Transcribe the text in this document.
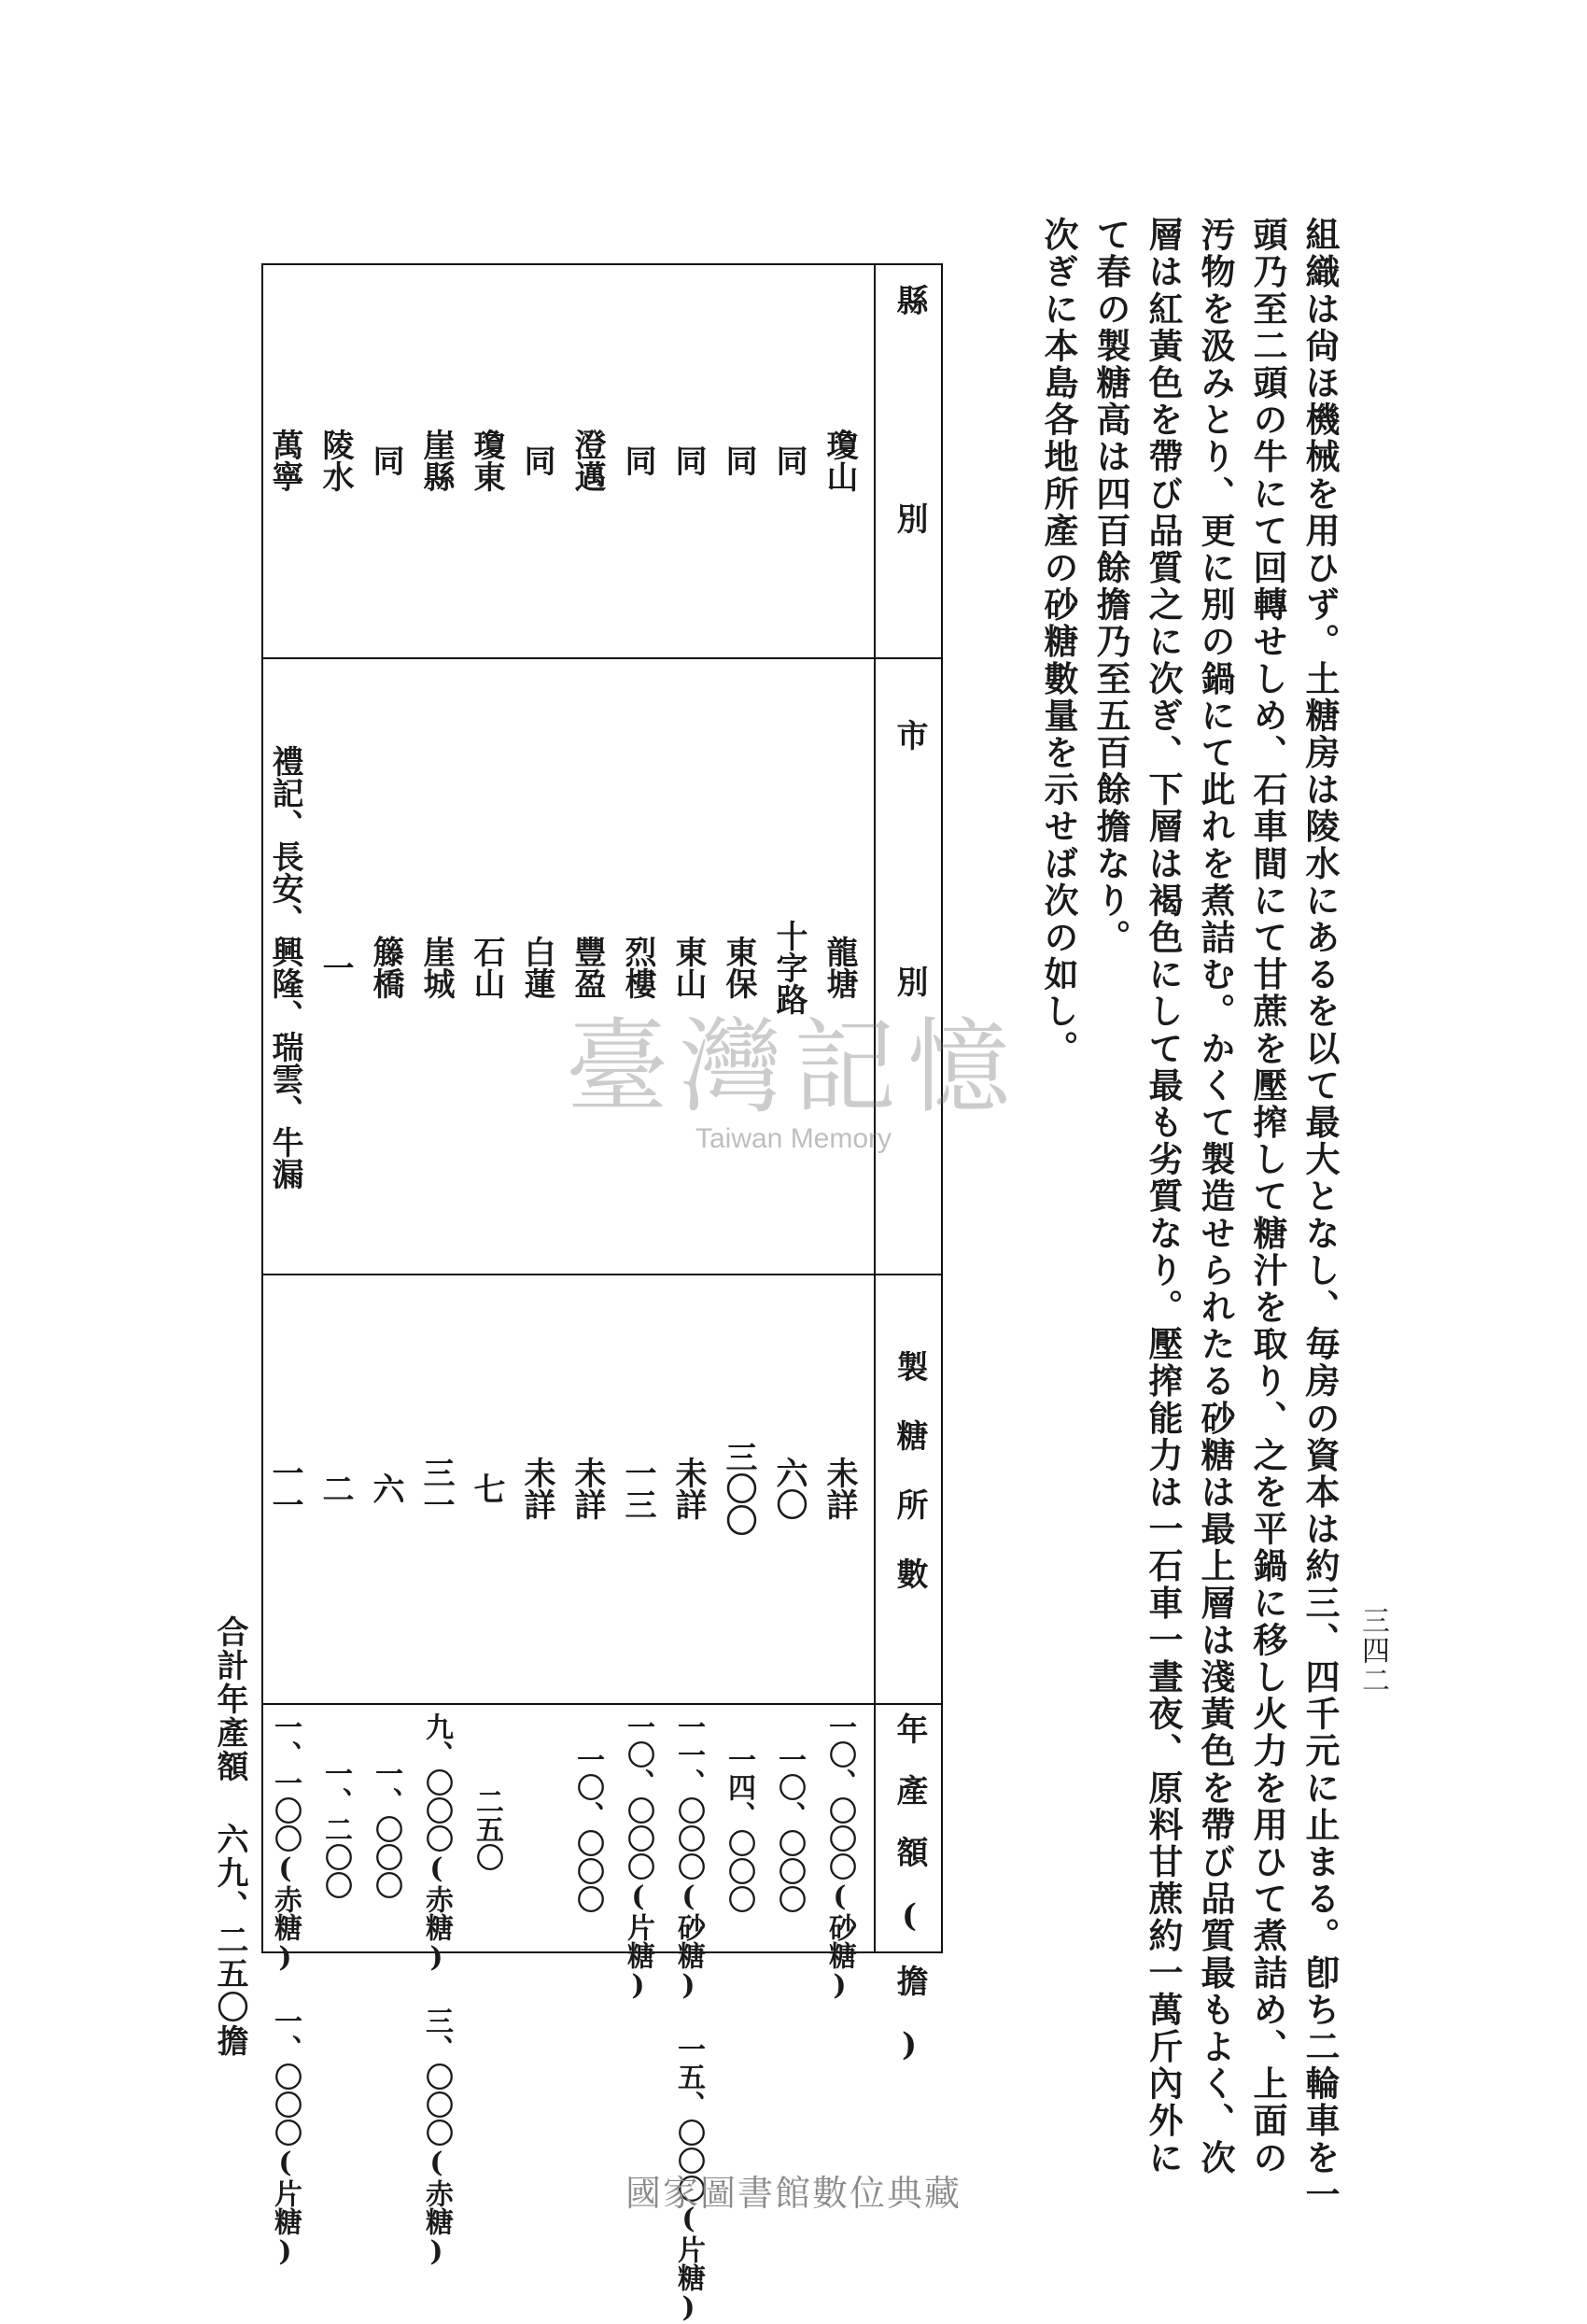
三四二
組織は尙ほ機械を用ひず。土糖房は陵水にあるを以て最大となし、毎房の資本は約三、四千元に止まる。卽ち二輪車を一
頭乃至二頭の牛にて回轉せしめ、石車間にて甘蔗を壓搾して糖汁を取り、之を平鍋に移し火力を用ひて煮詰め、上面の
汚物を汲みとり、更に別の鍋にて此れを煮詰む。かくて製造せられたる砂糖は最上層は淺黃色を帶び品質最もよく、次
層は紅黃色を帶び品質之に次ぎ、下層は褐色にして最も劣質なり。壓搾能力は一石車一晝夜、原料甘蔗約一萬斤內外に
て春の製糖高は四百餘擔乃至五百餘擔なり。
次ぎに本島各地所產の砂糖數量を示せば次の如し。
縣別
市別
製糖所數
年產額(擔)
瓊山
龍塘
未詳
一〇、〇〇〇(砂糖)
同
十字路
六〇
一〇、〇〇〇
同
東保
三〇〇
一四、〇〇〇
同
東山
未詳
一一、〇〇〇(砂糖) 一五、〇〇〇(片糖)
同
烈樓
一三
一〇、〇〇〇(片糖)
澄邁
豐盈
未詳
一〇、〇〇〇
同
白蓮
未詳
瓊東
石山
七
二五〇
崖縣
崖城
三一
九、〇〇〇(赤糖) 三、〇〇〇(赤糖)
同
籐橋
六
一、〇〇〇
陵水
一
二
一、二〇〇
萬寧
禮記、長安、興隆、瑞雲、牛漏
一一
一、一〇〇(赤糖) 一、〇〇〇(片糖)
合計年產額 六九、二五〇擔
臺灣記憶
Taiwan Memory
國家圖書館數位典藏
